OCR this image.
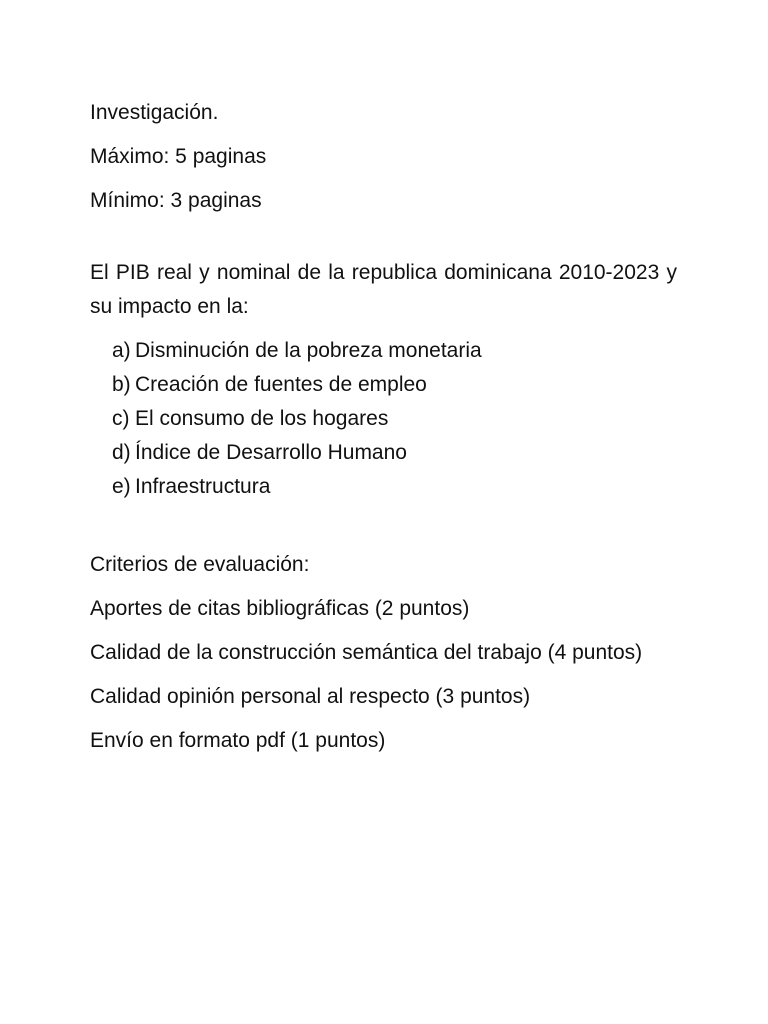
Investigación.

Máximo: 5 paginas

Mínimo: 3 paginas

El PIB real y nominal de la republica dominicana 2010-2023 y su impacto en la:

a) Disminución de la pobreza monetaria
b) Creación de fuentes de empleo
c) El consumo de los hogares
d) Índice de Desarrollo Humano
e) Infraestructura

Criterios de evaluación:

Aportes de citas bibliográficas (2 puntos)

Calidad de la construcción semántica del trabajo (4 puntos)

Calidad opinión personal al respecto (3 puntos)

Envío en formato pdf (1 puntos)
